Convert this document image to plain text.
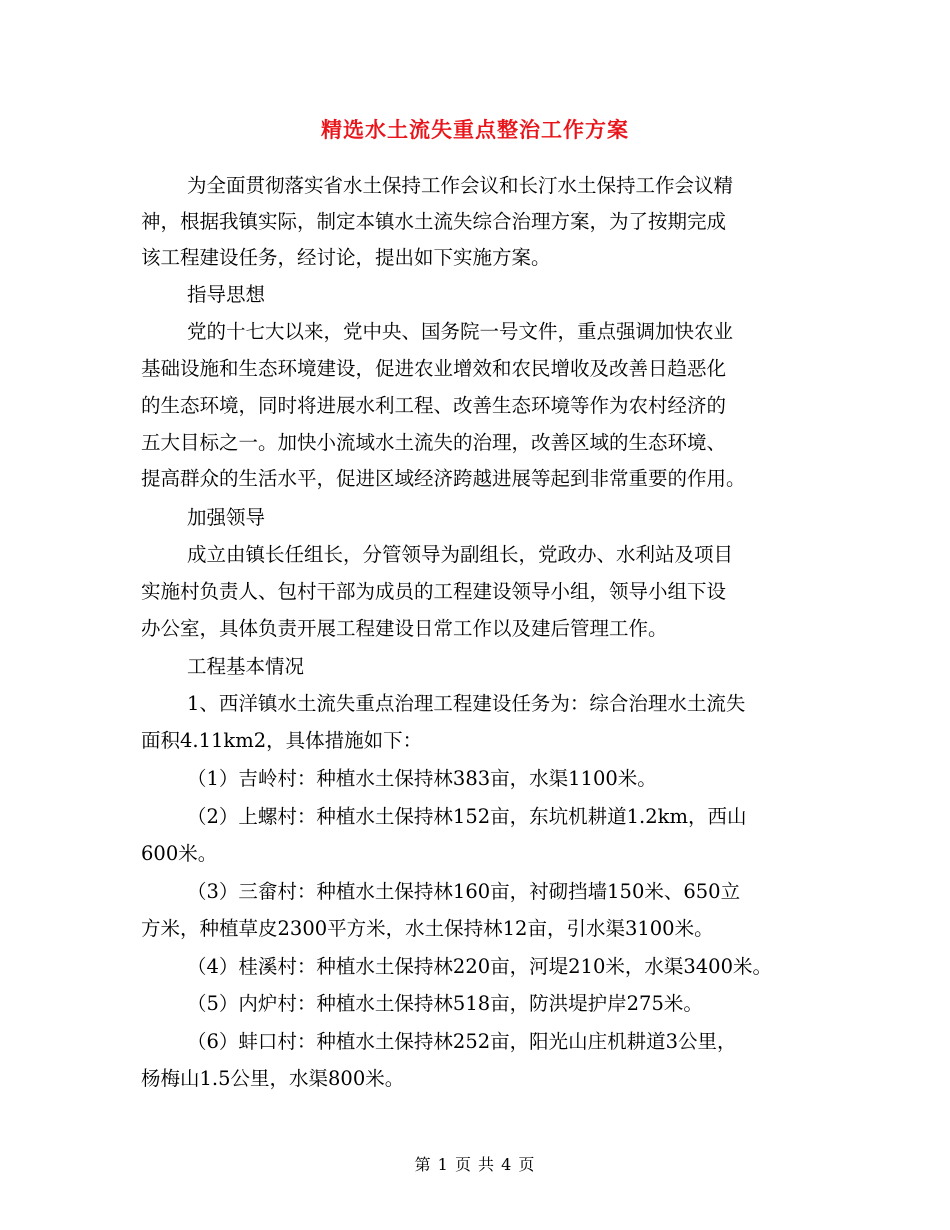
精选水土流失重点整治工作方案
为全面贯彻落实省水土保持工作会议和长汀水土保持工作会议精
神，根据我镇实际，制定本镇水土流失综合治理方案，为了按期完成
该工程建设任务，经讨论，提出如下实施方案。
指导思想
党的十七大以来，党中央、国务院一号文件，重点强调加快农业
基础设施和生态环境建设，促进农业增效和农民增收及改善日趋恶化
的生态环境，同时将进展水利工程、改善生态环境等作为农村经济的
五大目标之一。加快小流域水土流失的治理，改善区域的生态环境、
提高群众的生活水平，促进区域经济跨越进展等起到非常重要的作用。
加强领导
成立由镇长任组长，分管领导为副组长，党政办、水利站及项目
实施村负责人、包村干部为成员的工程建设领导小组，领导小组下设
办公室，具体负责开展工程建设日常工作以及建后管理工作。
工程基本情况
1、西洋镇水土流失重点治理工程建设任务为：综合治理水土流失
面积4.11km2，具体措施如下：
（1）吉岭村：种植水土保持林383亩，水渠1100米。
（2）上螺村：种植水土保持林152亩，东坑机耕道1.2km，西山
600米。
（3）三畲村：种植水土保持林160亩，衬砌挡墙150米、650立
方米，种植草皮2300平方米，水土保持林12亩，引水渠3100米。
（4）桂溪村：种植水土保持林220亩，河堤210米，水渠3400米。
（5）内炉村：种植水土保持林518亩，防洪堤护岸275米。
（6）蚌口村：种植水土保持林252亩，阳光山庄机耕道3公里，
杨梅山1.5公里，水渠800米。
第 1 页 共 4 页
